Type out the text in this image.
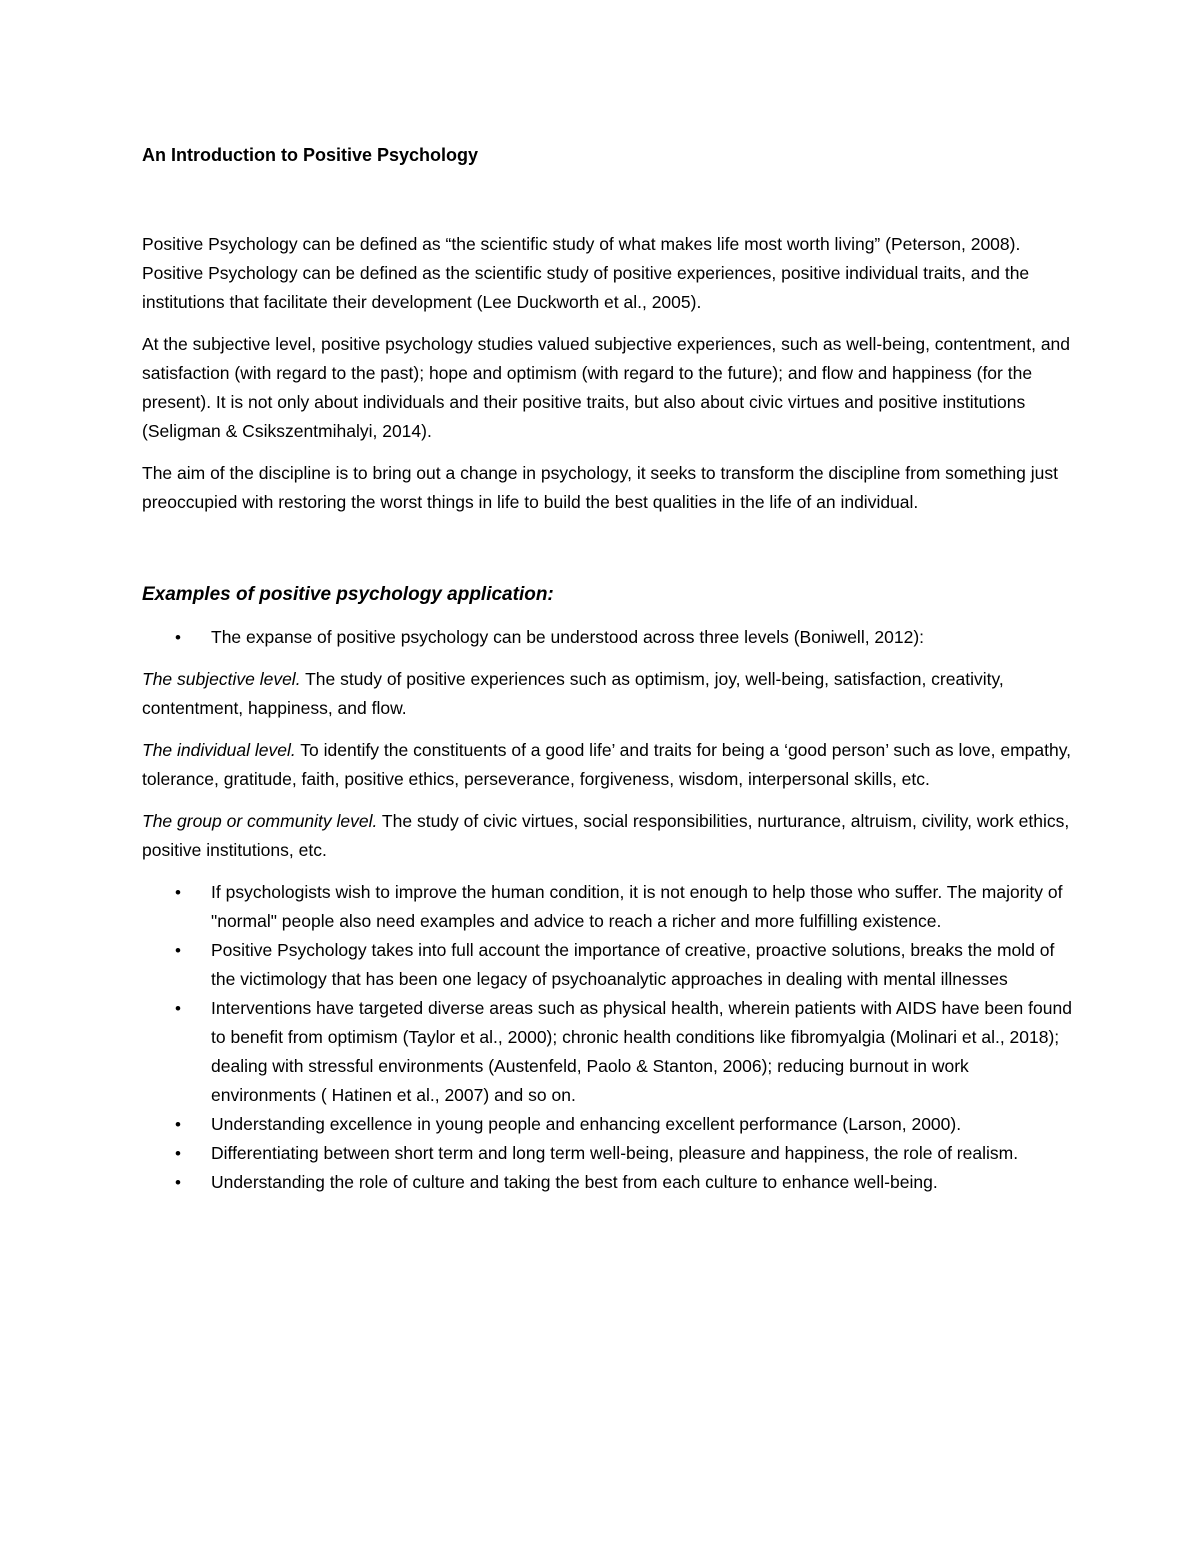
An Introduction to Positive Psychology

Positive Psychology can be defined as “the scientific study of what makes life most worth living” (Peterson, 2008). Positive Psychology can be defined as the scientific study of positive experiences, positive individual traits, and the institutions that facilitate their development (Lee Duckworth et al., 2005).

At the subjective level, positive psychology studies valued subjective experiences, such as well-being, contentment, and satisfaction (with regard to the past); hope and optimism (with regard to the future); and flow and happiness (for the present). It is not only about individuals and their positive traits, but also about civic virtues and positive institutions (Seligman & Csikszentmihalyi, 2014).

The aim of the discipline is to bring out a change in psychology, it seeks to transform the discipline from something just preoccupied with restoring the worst things in life to build the best qualities in the life of an individual.

Examples of positive psychology application:
• The expanse of positive psychology can be understood across three levels (Boniwell, 2012):

The subjective level. The study of positive experiences such as optimism, joy, well-being, satisfaction, creativity, contentment, happiness, and flow.

The individual level. To identify the constituents of a good life’ and traits for being a ‘good person’ such as love, empathy, tolerance, gratitude, faith, positive ethics, perseverance, forgiveness, wisdom, interpersonal skills, etc.

The group or community level. The study of civic virtues, social responsibilities, nurturance, altruism, civility, work ethics, positive institutions, etc.

• If psychologists wish to improve the human condition, it is not enough to help those who suffer. The majority of "normal" people also need examples and advice to reach a richer and more fulfilling existence.
• Positive Psychology takes into full account the importance of creative, proactive solutions, breaks the mold of the victimology that has been one legacy of psychoanalytic approaches in dealing with mental illnesses
• Interventions have targeted diverse areas such as physical health, wherein patients with AIDS have been found to benefit from optimism (Taylor et al., 2000); chronic health conditions like fibromyalgia (Molinari et al., 2018); dealing with stressful environments (Austenfeld, Paolo & Stanton, 2006); reducing burnout in work environments ( Hatinen et al., 2007) and so on.
• Understanding excellence in young people and enhancing excellent performance (Larson, 2000).
• Differentiating between short term and long term well-being, pleasure and happiness, the role of realism.
• Understanding the role of culture and taking the best from each culture to enhance well-being.
